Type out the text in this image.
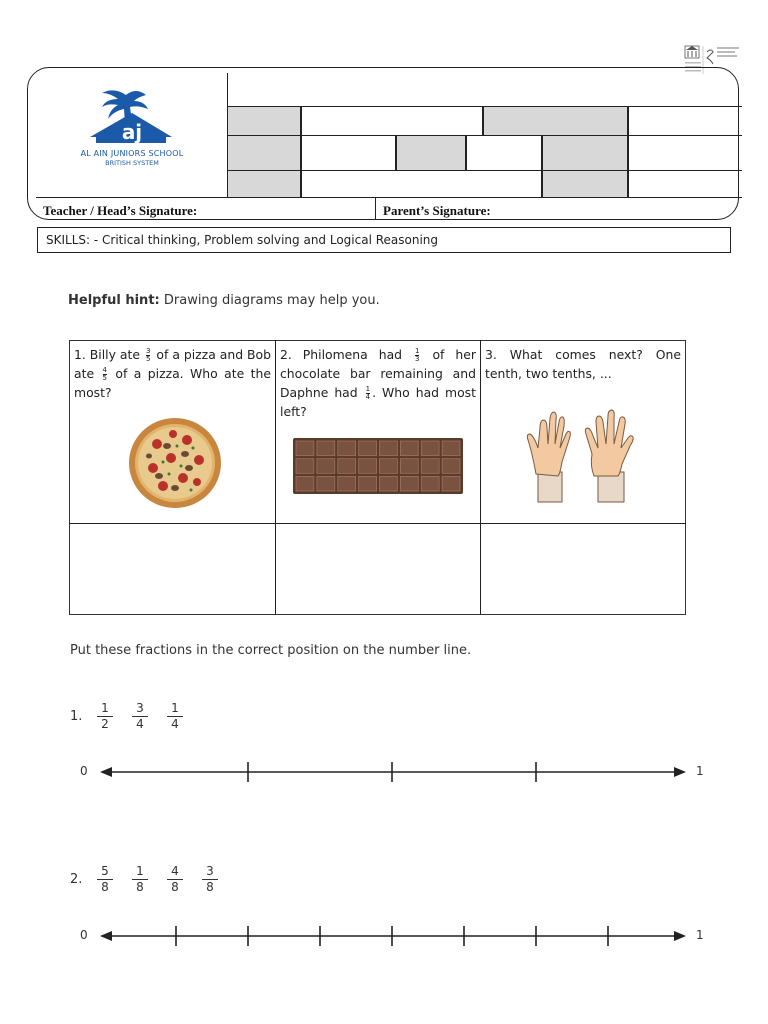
aj
AL AIN JUNIORS SCHOOL
BRITISH SYSTEM
Teacher / Head’s Signature:	Parent’s Signature:
SKILLS: - Critical thinking, Problem solving and Logical Reasoning
Helpful hint: Drawing diagrams may help you.
1. Billy ate $\frac{3}{5}$ of a pizza and Bob ate $\frac{4}{5}$ of a pizza. Who ate the most?
2. Philomena had $\frac{1}{3}$ of her chocolate bar remaining and Daphne had $\frac{1}{4}$ . Who had most left?
3. What comes next? One tenth, two tenths, ...
Put these fractions in the correct position on the number line.
1. $\frac{1}{2} \frac{3}{4} \frac{1}{4}$
0	1
2. $\frac{5}{8} \frac{1}{8} \frac{4}{8} \frac{3}{8}$
0	1
